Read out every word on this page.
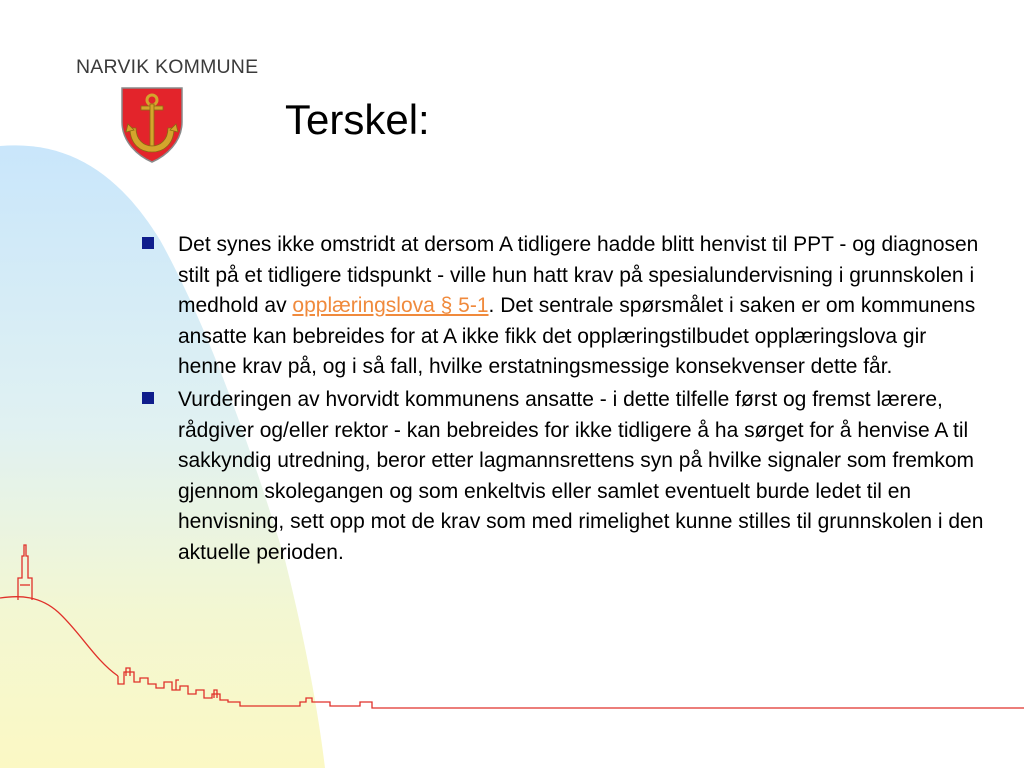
NARVIK KOMMUNE
Terskel:
Det synes ikke omstridt at dersom A tidligere hadde blitt henvist til PPT - og diagnosen stilt på et tidligere tidspunkt - ville hun hatt krav på spesialundervisning i grunnskolen i medhold av opplæringslova § 5-1. Det sentrale spørsmålet i saken er om kommunens ansatte kan bebreides for at A ikke fikk det opplæringstilbudet opplæringslova gir henne krav på, og i så fall, hvilke erstatningsmessige konsekvenser dette får.
Vurderingen av hvorvidt kommunens ansatte - i dette tilfelle først og fremst lærere, rådgiver og/eller rektor - kan bebreides for ikke tidligere å ha sørget for å henvise A til sakkyndig utredning, beror etter lagmannsrettens syn på hvilke signaler som fremkom gjennom skolegangen og som enkeltvis eller samlet eventuelt burde ledet til en henvisning, sett opp mot de krav som med rimelighet kunne stilles til grunnskolen i den aktuelle perioden.
